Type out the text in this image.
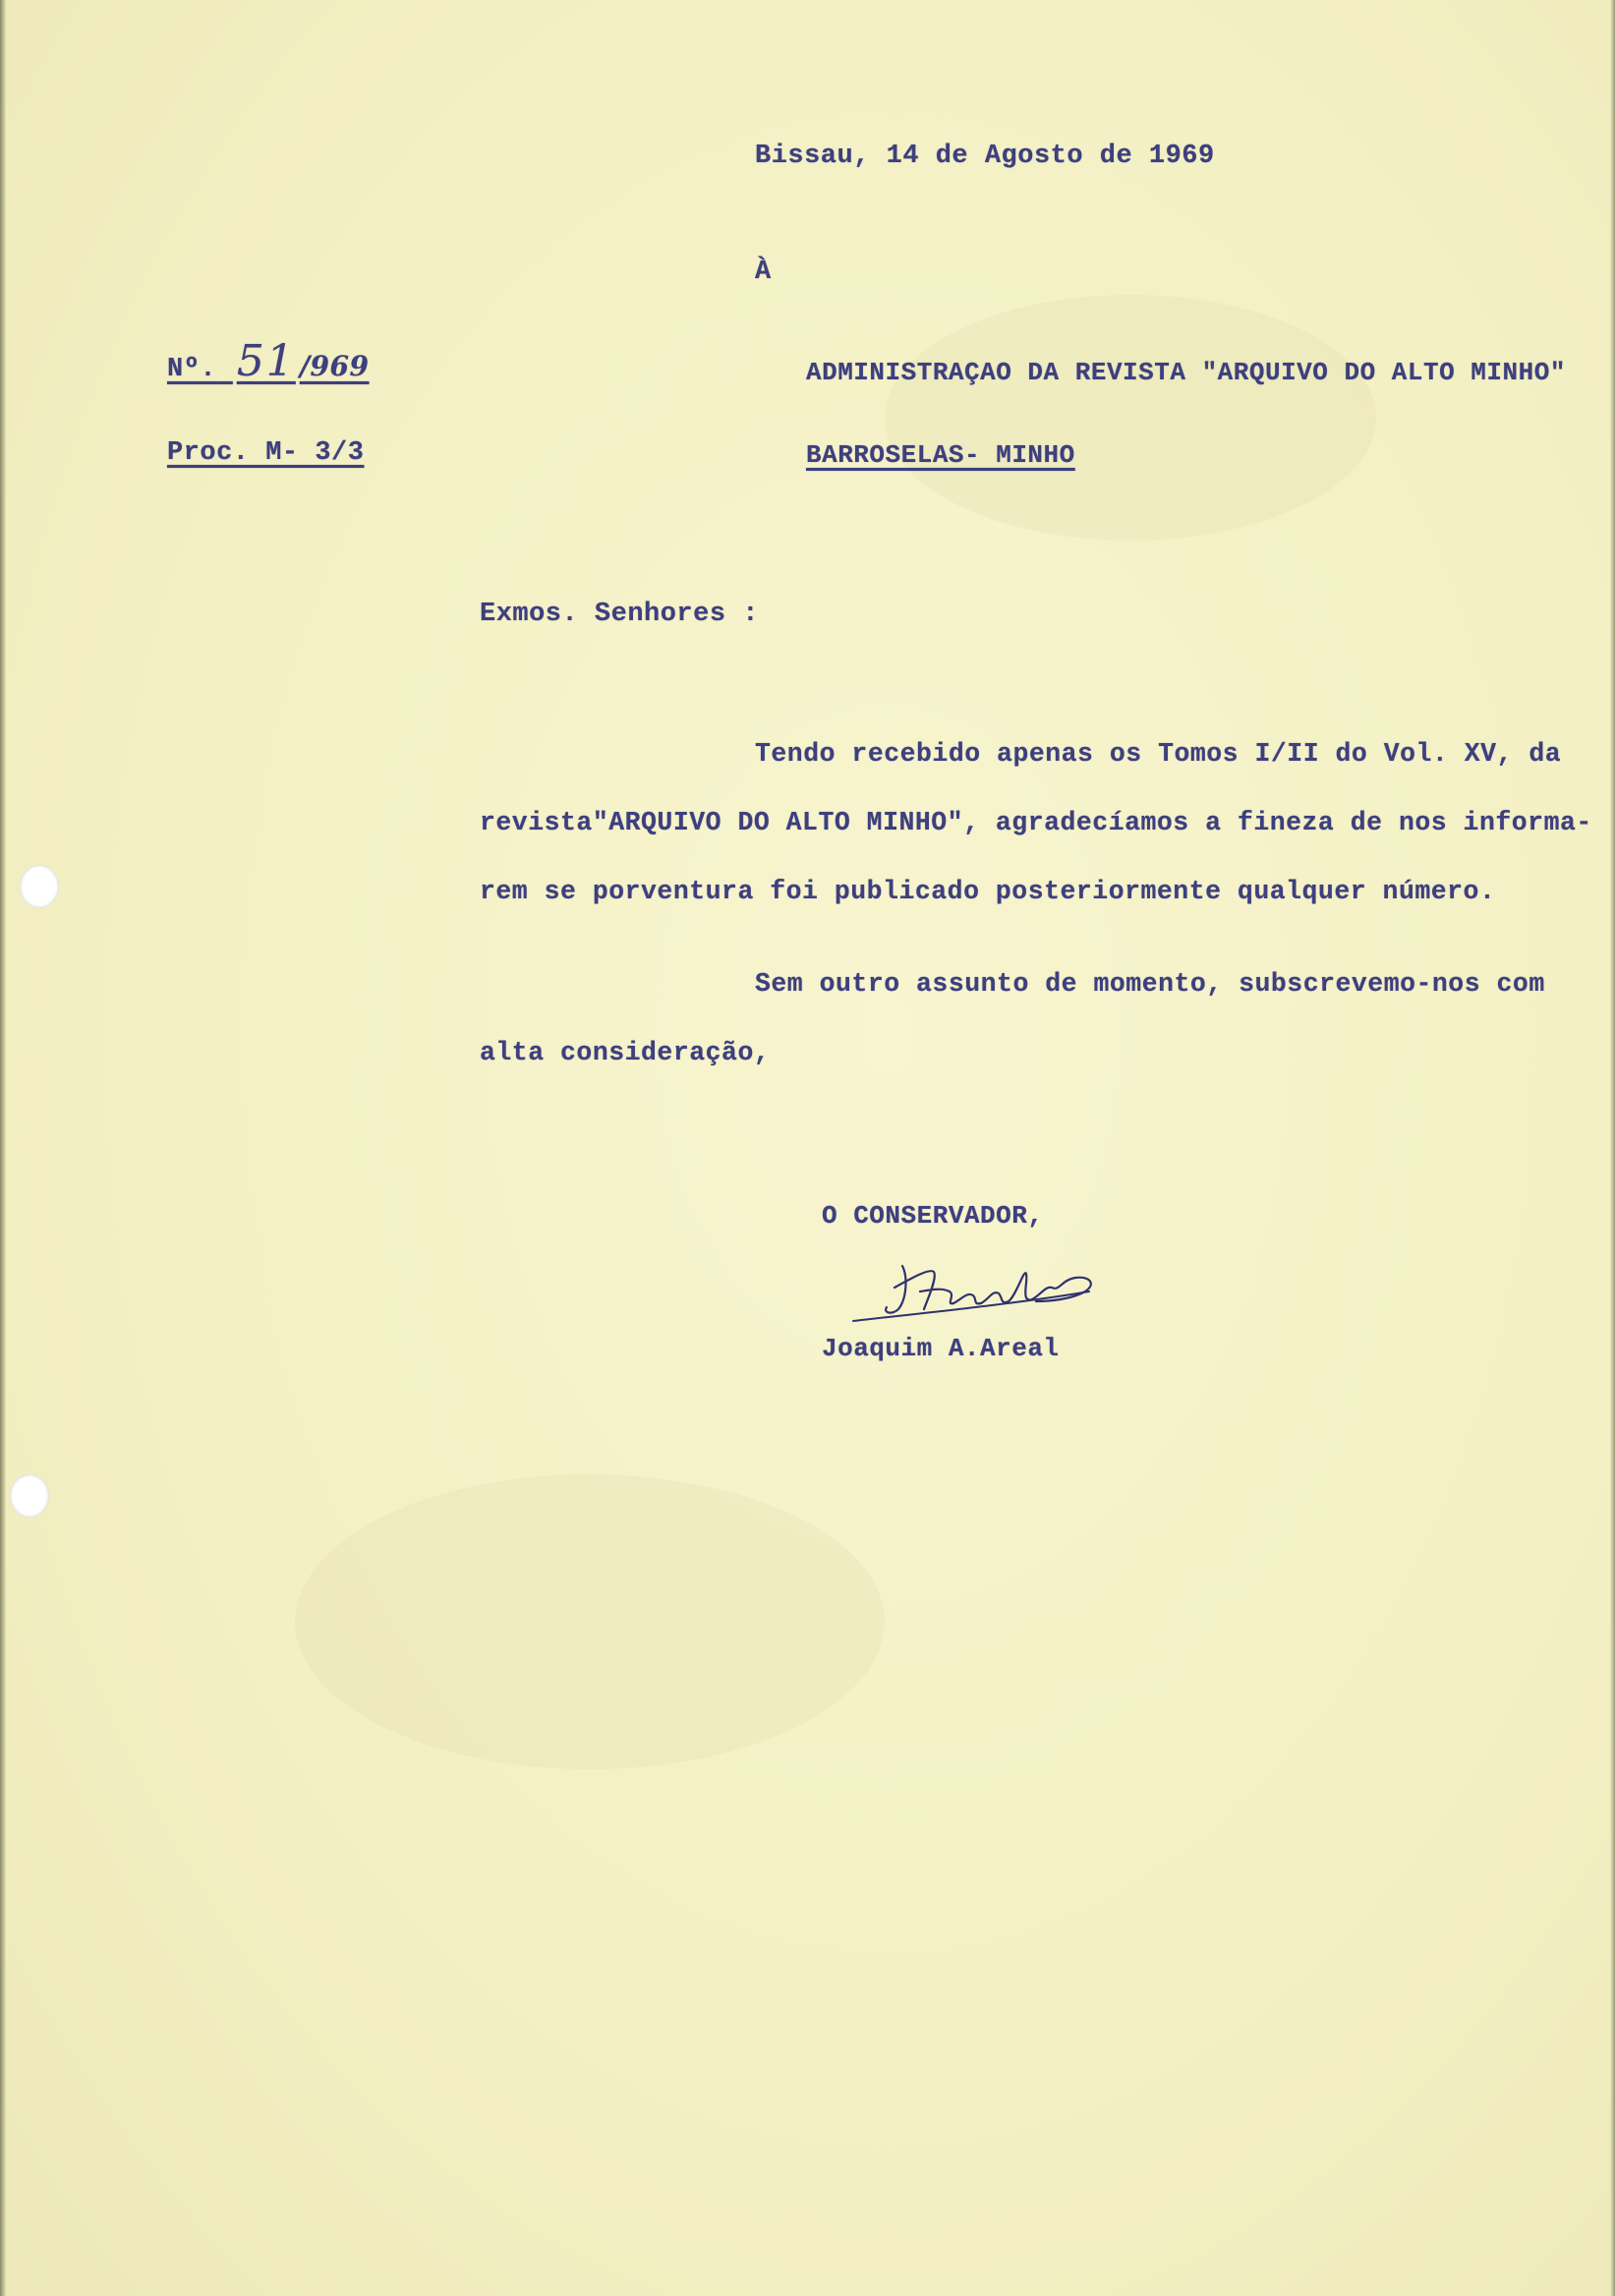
Bissau, 14 de Agosto de 1969
À
Nº. 51 /969
Proc. M- 3/3
ADMINISTRAÇAO DA REVISTA "ARQUIVO DO ALTO MINHO"
BARROSELAS- MINHO
Exmos. Senhores :
Tendo recebido apenas os Tomos I/II do Vol. XV, da
revista"ARQUIVO DO ALTO MINHO", agradecíamos a fineza de nos informa-
rem se porventura foi publicado posteriormente qualquer número.
Sem outro assunto de momento, subscrevemo-nos com
alta consideração,
O CONSERVADOR,
Joaquim A.Areal
